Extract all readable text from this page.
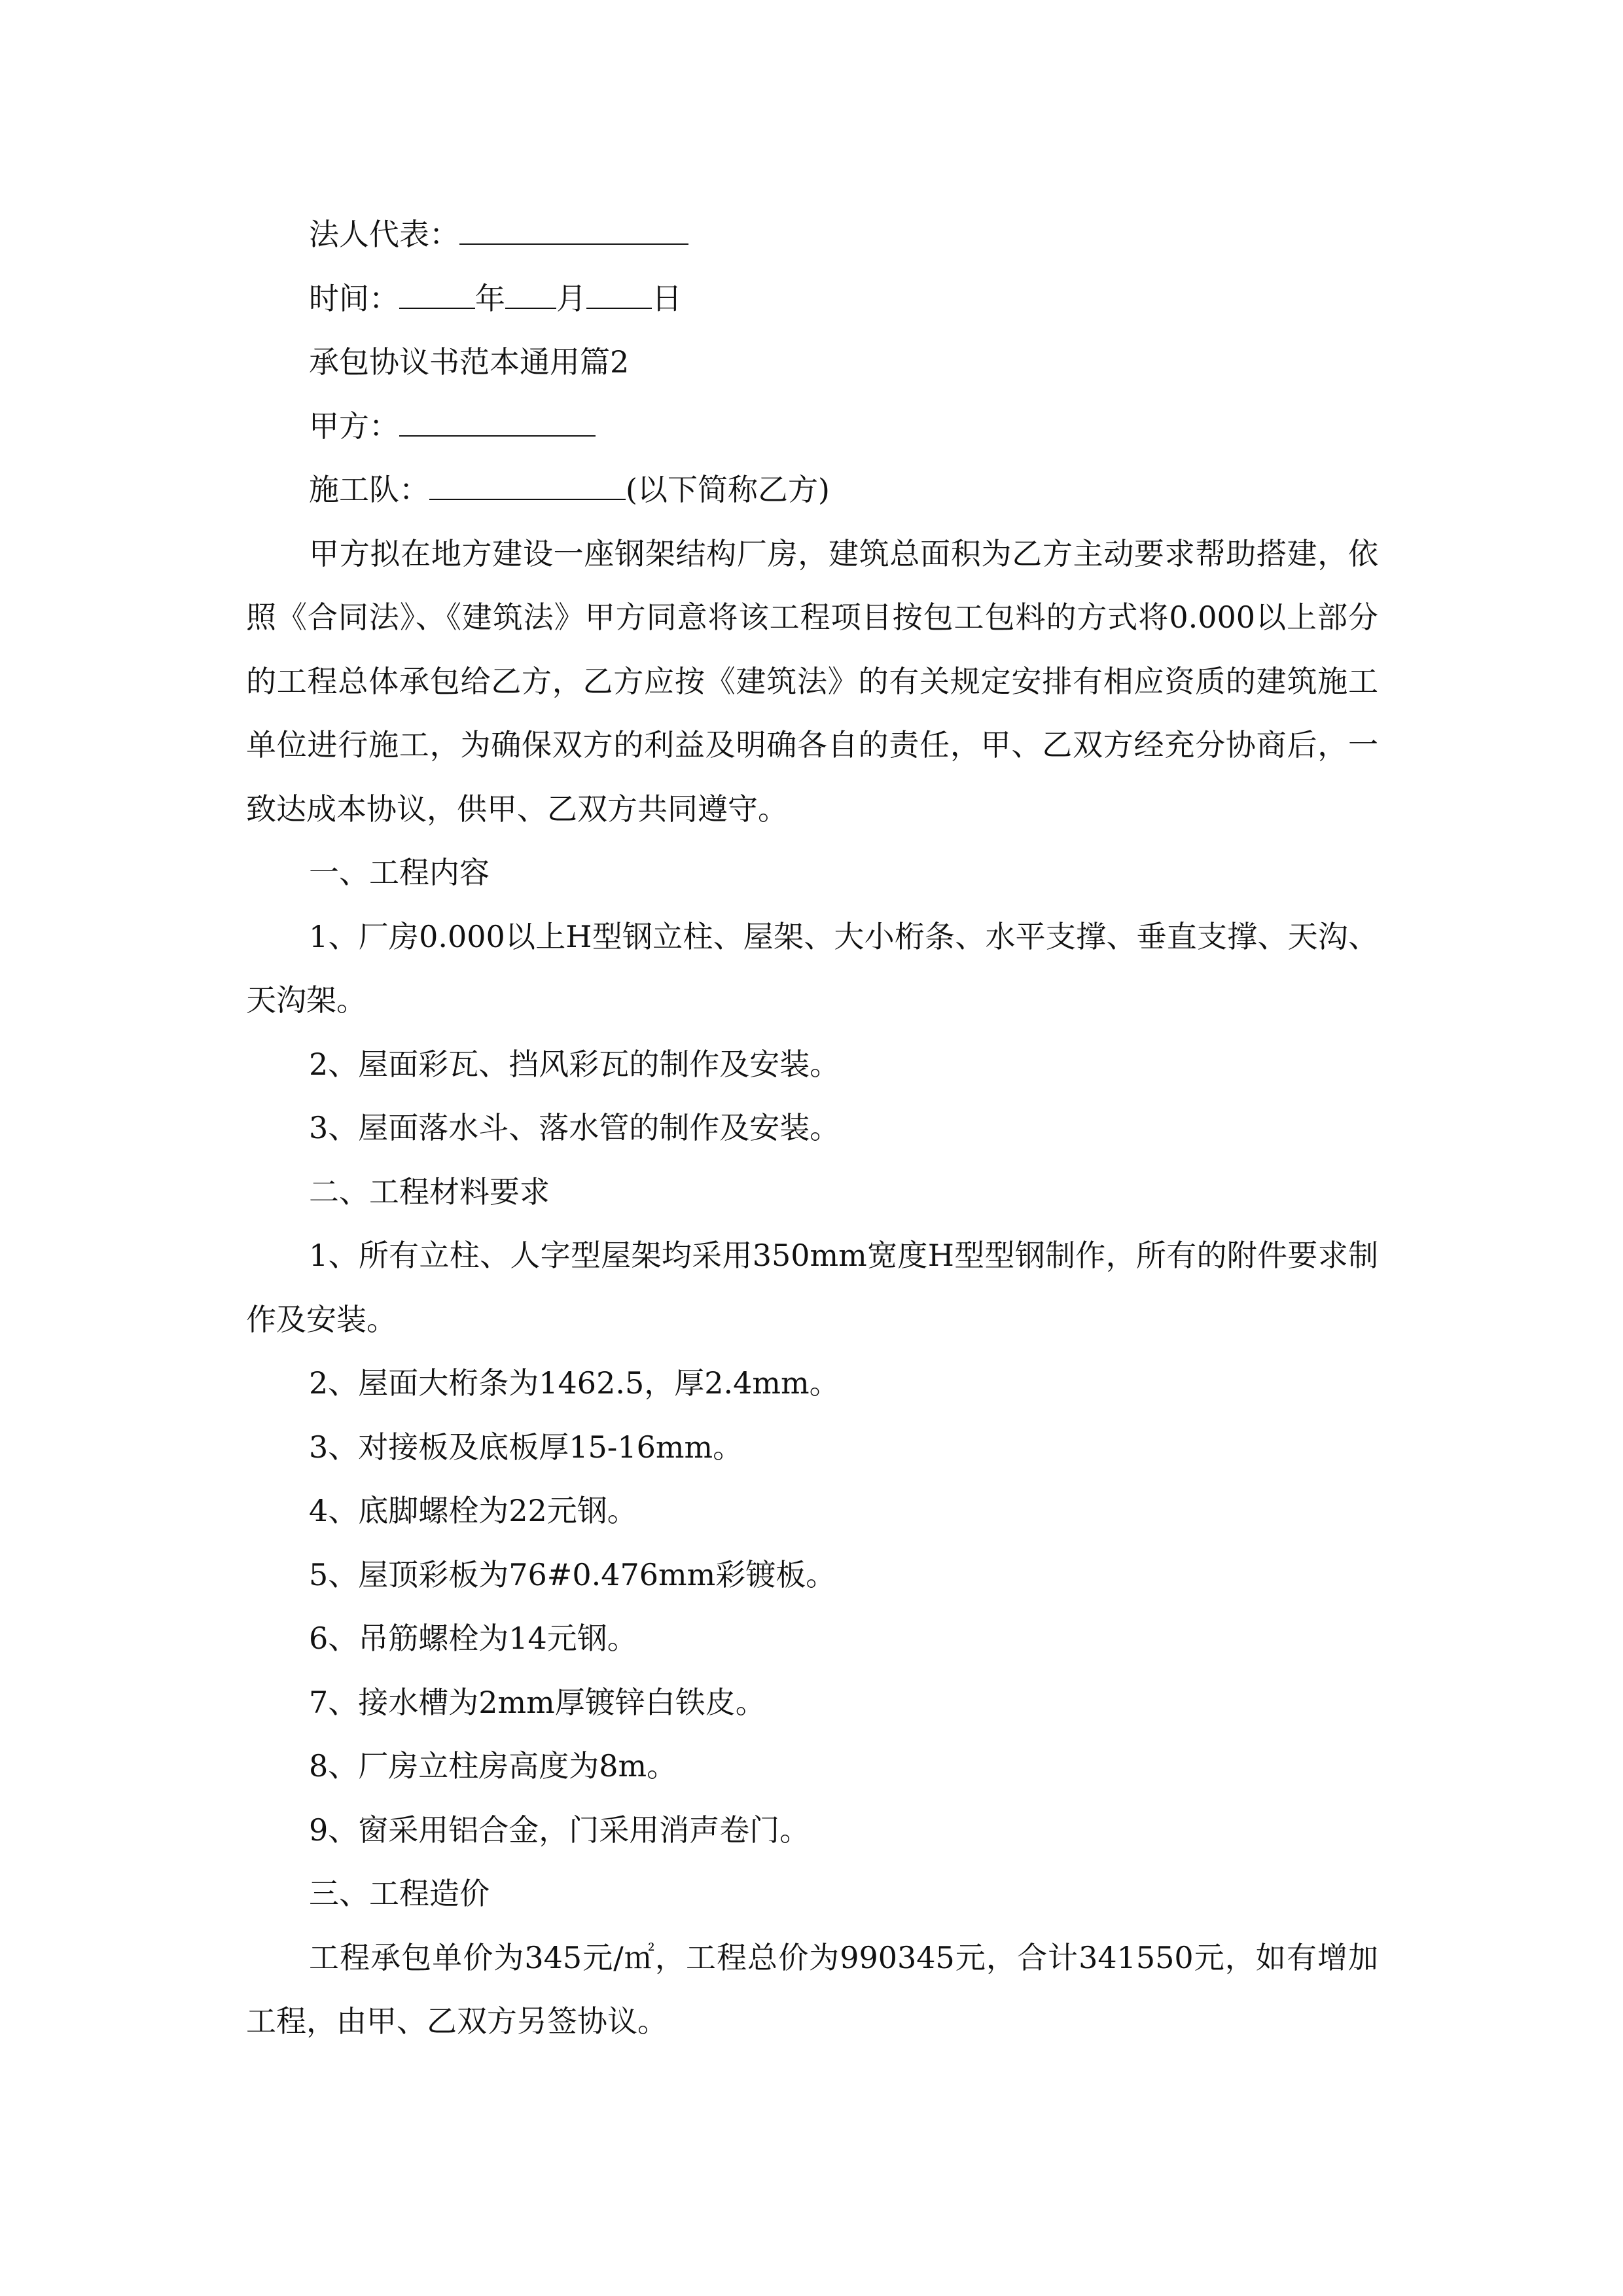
法人代表：

时间：	年 月 日

承包协议书范本通用篇2

甲方：

施工队：	(以下简称乙方)

甲方拟在地方建设一座钢架结构厂房，建筑总面积为乙方主动要求帮助搭建，依照《合同法》、《建筑法》甲方同意将该工程项目按包工包料的方式将0.000以上部分的工程总体承包给乙方，乙方应按《建筑法》的有关规定安排有相应资质的建筑施工单位进行施工，为确保双方的利益及明确各自的责任，甲、乙双方经充分协商后，一致达成本协议，供甲、乙双方共同遵守。

一、工程内容

1、厂房0.000以上H型钢立柱、屋架、大小桁条、水平支撑、垂直支撑、天沟、天沟架。

2、屋面彩瓦、挡风彩瓦的制作及安装。

3、屋面落水斗、落水管的制作及安装。

二、工程材料要求

1、所有立柱、人字型屋架均采用350mm宽度H型型钢制作，所有的附件要求制作及安装。

2、屋面大桁条为1462.5，厚2.4mm。

3、对接板及底板厚15-16mm。

4、底脚螺栓为22元钢。

5、屋顶彩板为76#0.476mm彩镀板。

6、吊筋螺栓为14元钢。

7、接水槽为2mm厚镀锌白铁皮。

8、厂房立柱房高度为8m。

9、窗采用铝合金，门采用消声卷门。

三、工程造价

工程承包单价为345元/㎡，工程总价为990345元，合计341550元，如有增加工程，由甲、乙双方另签协议。
